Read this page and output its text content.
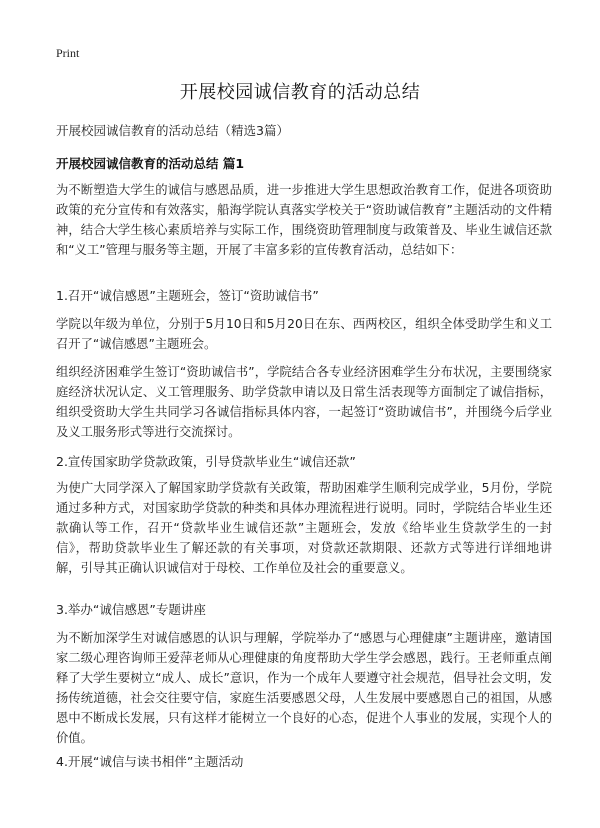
Print
开展校园诚信教育的活动总结
开展校园诚信教育的活动总结（精选3篇）
开展校园诚信教育的活动总结 篇1
为不断塑造大学生的诚信与感恩品质，进一步推进大学生思想政治教育工作，促进各项资助政策的充分宣传和有效落实，船海学院认真落实学校关于“资助诚信教育”主题活动的文件精神，结合大学生核心素质培养与实际工作，围绕资助管理制度与政策普及、毕业生诚信还款和“义工”管理与服务等主题，开展了丰富多彩的宣传教育活动，总结如下：
1.召开“诚信感恩”主题班会，签订“资助诚信书”
学院以年级为单位，分别于5月10日和5月20日在东、西两校区，组织全体受助学生和义工召开了“诚信感恩”主题班会。
组织经济困难学生签订“资助诚信书”，学院结合各专业经济困难学生分布状况，主要围绕家庭经济状况认定、义工管理服务、助学贷款申请以及日常生活表现等方面制定了诚信指标，组织受资助大学生共同学习各诚信指标具体内容，一起签订“资助诚信书”，并围绕今后学业及义工服务形式等进行交流探讨。
2.宣传国家助学贷款政策，引导贷款毕业生“诚信还款”
为使广大同学深入了解国家助学贷款有关政策，帮助困难学生顺利完成学业，5月份，学院通过多种方式，对国家助学贷款的种类和具体办理流程进行说明。同时，学院结合毕业生还款确认等工作，召开“贷款毕业生诚信还款”主题班会，发放《给毕业生贷款学生的一封信》，帮助贷款毕业生了解还款的有关事项，对贷款还款期限、还款方式等进行详细地讲解，引导其正确认识诚信对于母校、工作单位及社会的重要意义。
3.举办“诚信感恩”专题讲座
为不断加深学生对诚信感恩的认识与理解，学院举办了“感恩与心理健康”主题讲座，邀请国家二级心理咨询师王爱萍老师从心理健康的角度帮助大学生学会感恩，践行。王老师重点阐释了大学生要树立“成人、成长”意识，作为一个成年人要遵守社会规范，倡导社会文明，发扬传统道德，社会交往要守信，家庭生活要感恩父母，人生发展中要感恩自己的祖国，从感恩中不断成长发展，只有这样才能树立一个良好的心态，促进个人事业的发展，实现个人的价值。
4.开展“诚信与读书相伴”主题活动
